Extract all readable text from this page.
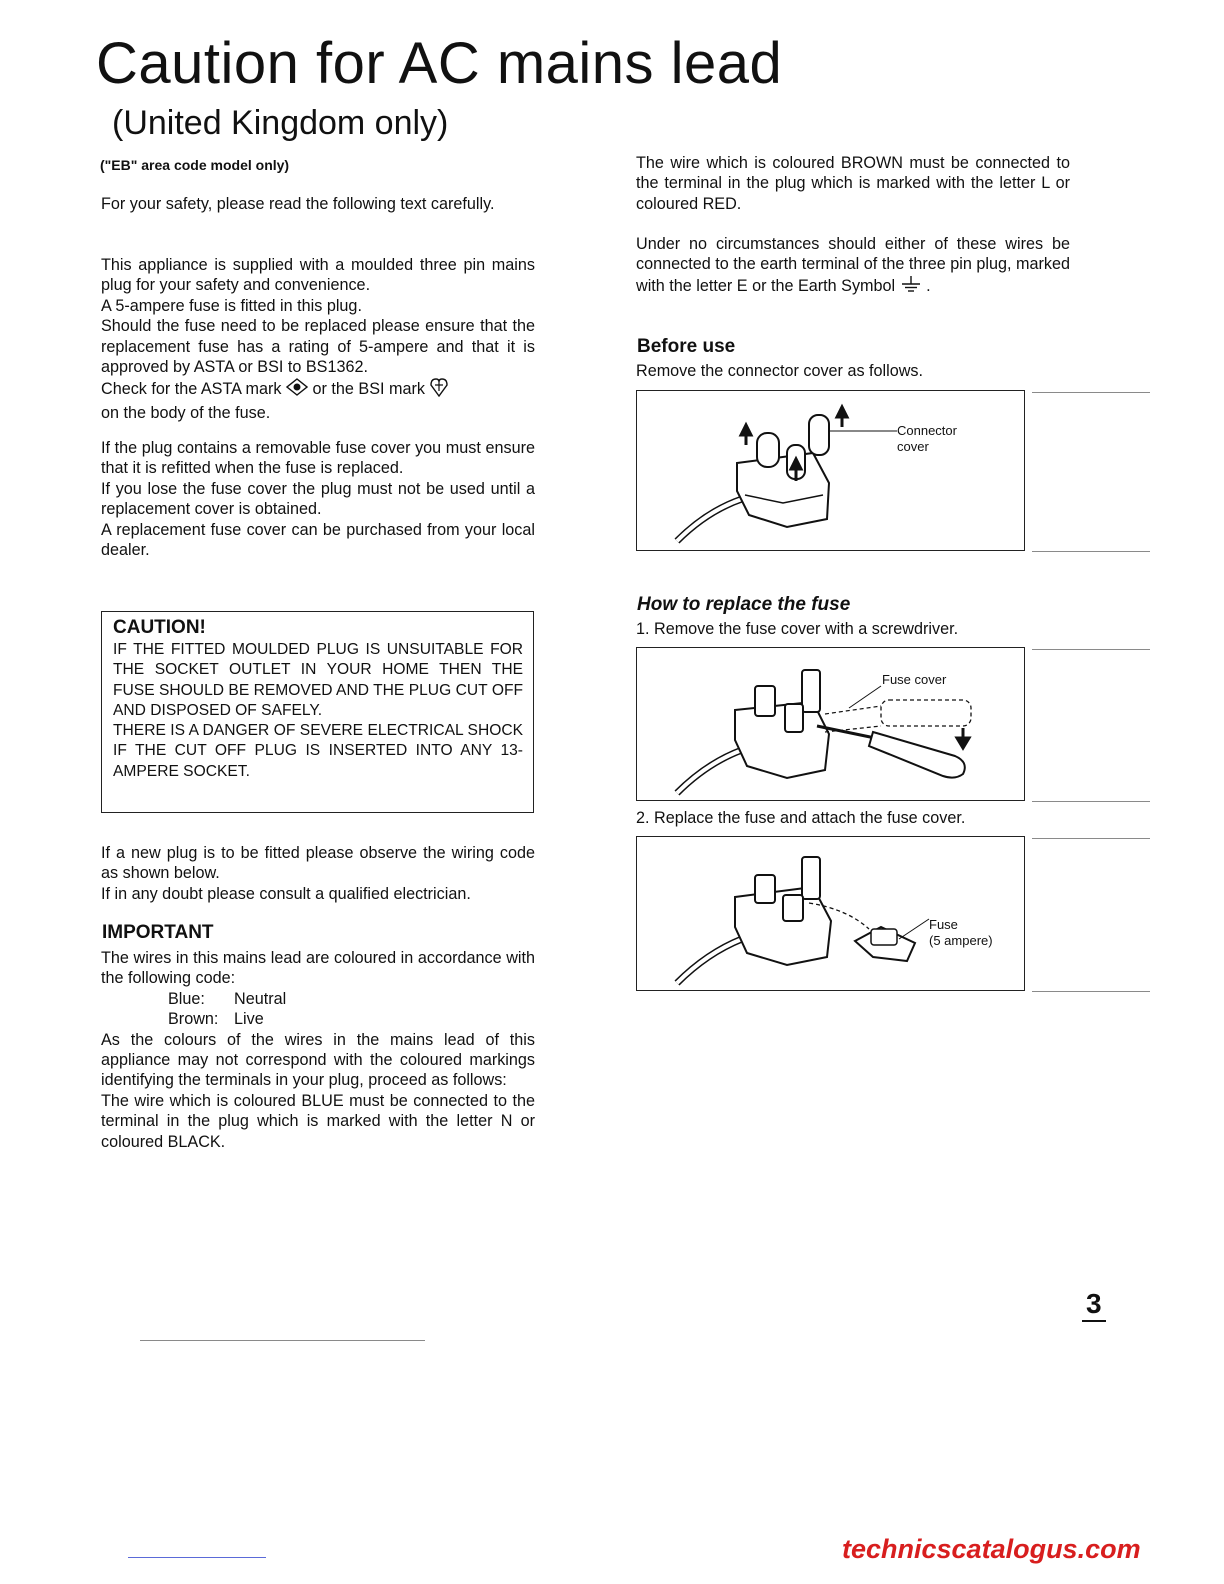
Caution for AC mains lead
(United Kingdom only)
("EB" area code model only)

For your safety, please read the following text carefully.

This appliance is supplied with a moulded three pin mains plug for your safety and convenience.

A 5-ampere fuse is fitted in this plug.

Should the fuse need to be replaced please ensure that the replacement fuse has a rating of 5-ampere and that it is approved by ASTA or BSI to BS1362.

Check for the ASTA mark or the BSI mark

on the body of the fuse.

If the plug contains a removable fuse cover you must ensure that it is refitted when the fuse is replaced.

If you lose the fuse cover the plug must not be used until a replacement cover is obtained.

A replacement fuse cover can be purchased from your local dealer.

CAUTION!

IF THE FITTED MOULDED PLUG IS UNSUITABLE FOR THE SOCKET OUTLET IN YOUR HOME THEN THE FUSE SHOULD BE REMOVED AND THE PLUG CUT OFF AND DISPOSED OF SAFELY.

THERE IS A DANGER OF SEVERE ELECTRICAL SHOCK IF THE CUT OFF PLUG IS INSERTED INTO ANY 13-AMPERE SOCKET.

If a new plug is to be fitted please observe the wiring code as shown below.

If in any doubt please consult a qualified electrician.

IMPORTANT

The wires in this mains lead are coloured in accordance with the following code:

Blue: Neutral
Brown: Live

As the colours of the wires in the mains lead of this appliance may not correspond with the coloured markings identifying the terminals in your plug, proceed as follows:

The wire which is coloured BLUE must be connected to the terminal in the plug which is marked with the letter N or coloured BLACK.

The wire which is coloured BROWN must be connected to the terminal in the plug which is marked with the letter L or coloured RED.

Under no circumstances should either of these wires be connected to the earth terminal of the three pin plug, marked with the letter E or the Earth Symbol .

Before use
Remove the connector cover as follows.
Connector
cover
How to replace the fuse
1. Remove the fuse cover with a screwdriver.
Fuse cover
2. Replace the fuse and attach the fuse cover.
Fuse
(5 ampere)
3
technicscatalogus.com
